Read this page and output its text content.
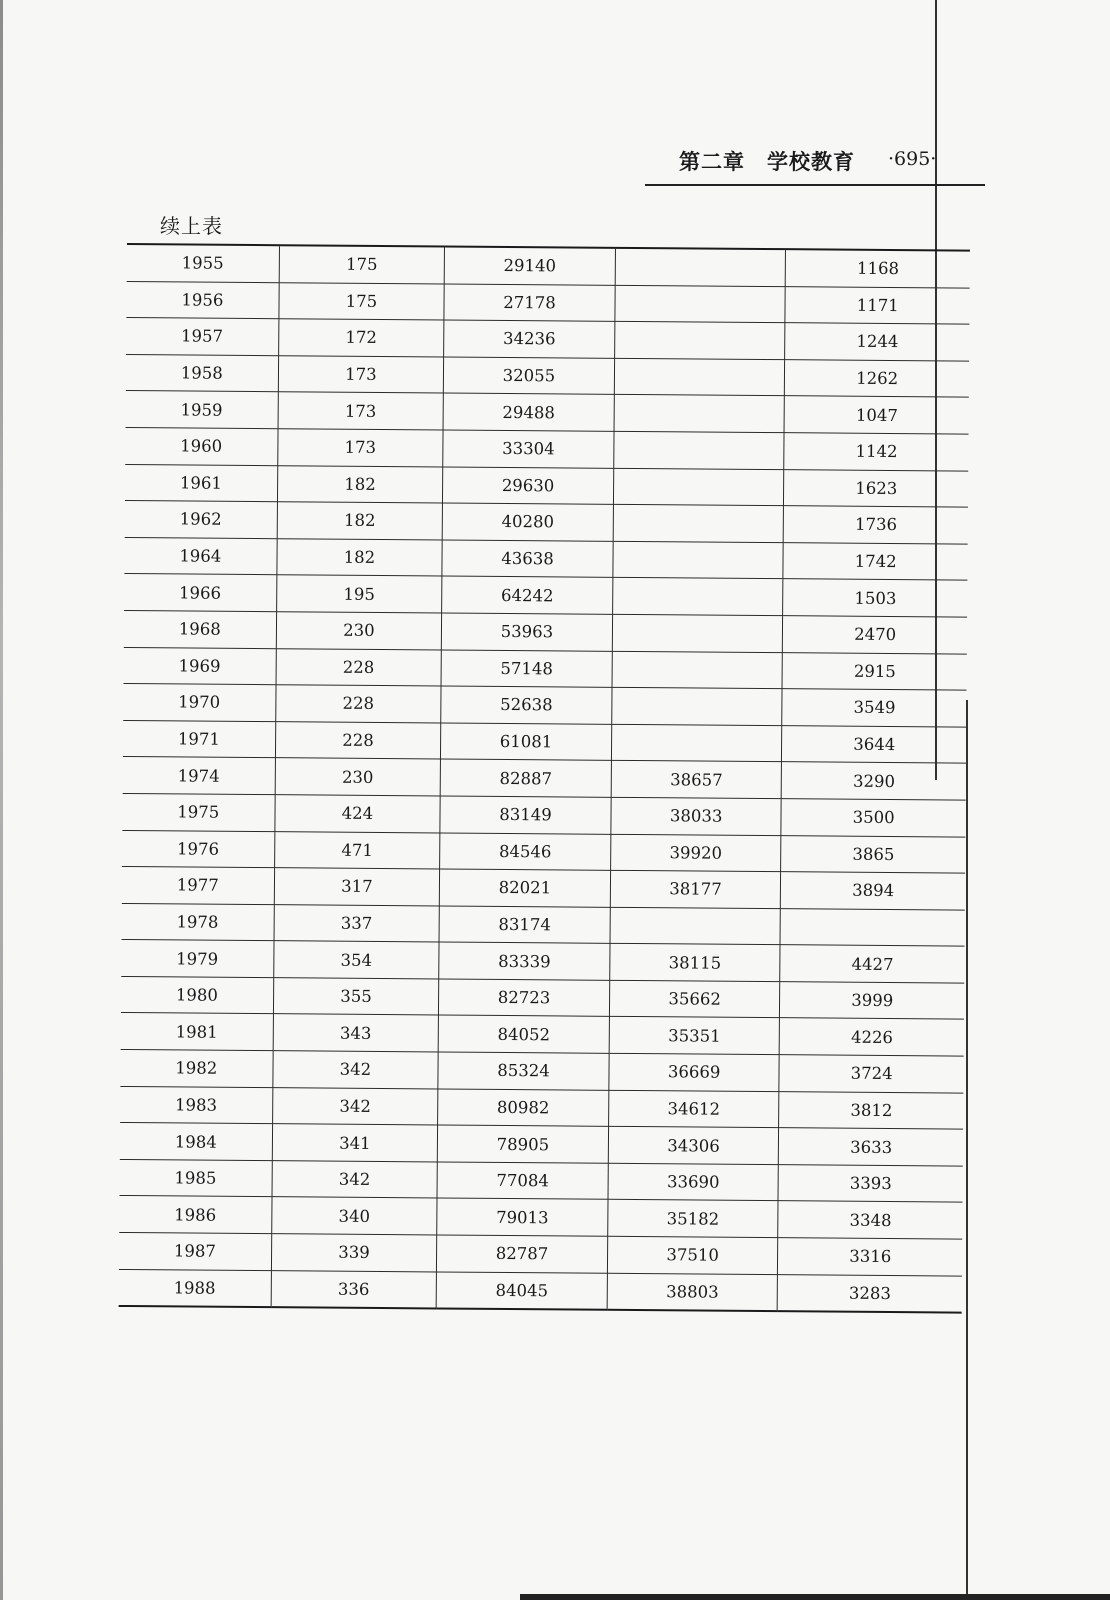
第二章　学校教育 ·695·
续上表
1955	175	29140		1168
1956	175	27178		1171
1957	172	34236		1244
1958	173	32055		1262
1959	173	29488		1047
1960	173	33304		1142
1961	182	29630		1623
1962	182	40280		1736
1964	182	43638		1742
1966	195	64242		1503
1968	230	53963		2470
1969	228	57148		2915
1970	228	52638		3549
1971	228	61081		3644
1974	230	82887	38657	3290
1975	424	83149	38033	3500
1976	471	84546	39920	3865
1977	317	82021	38177	3894
1978	337	83174		
1979	354	83339	38115	4427
1980	355	82723	35662	3999
1981	343	84052	35351	4226
1982	342	85324	36669	3724
1983	342	80982	34612	3812
1984	341	78905	34306	3633
1985	342	77084	33690	3393
1986	340	79013	35182	3348
1987	339	82787	37510	3316
1988	336	84045	38803	3283
